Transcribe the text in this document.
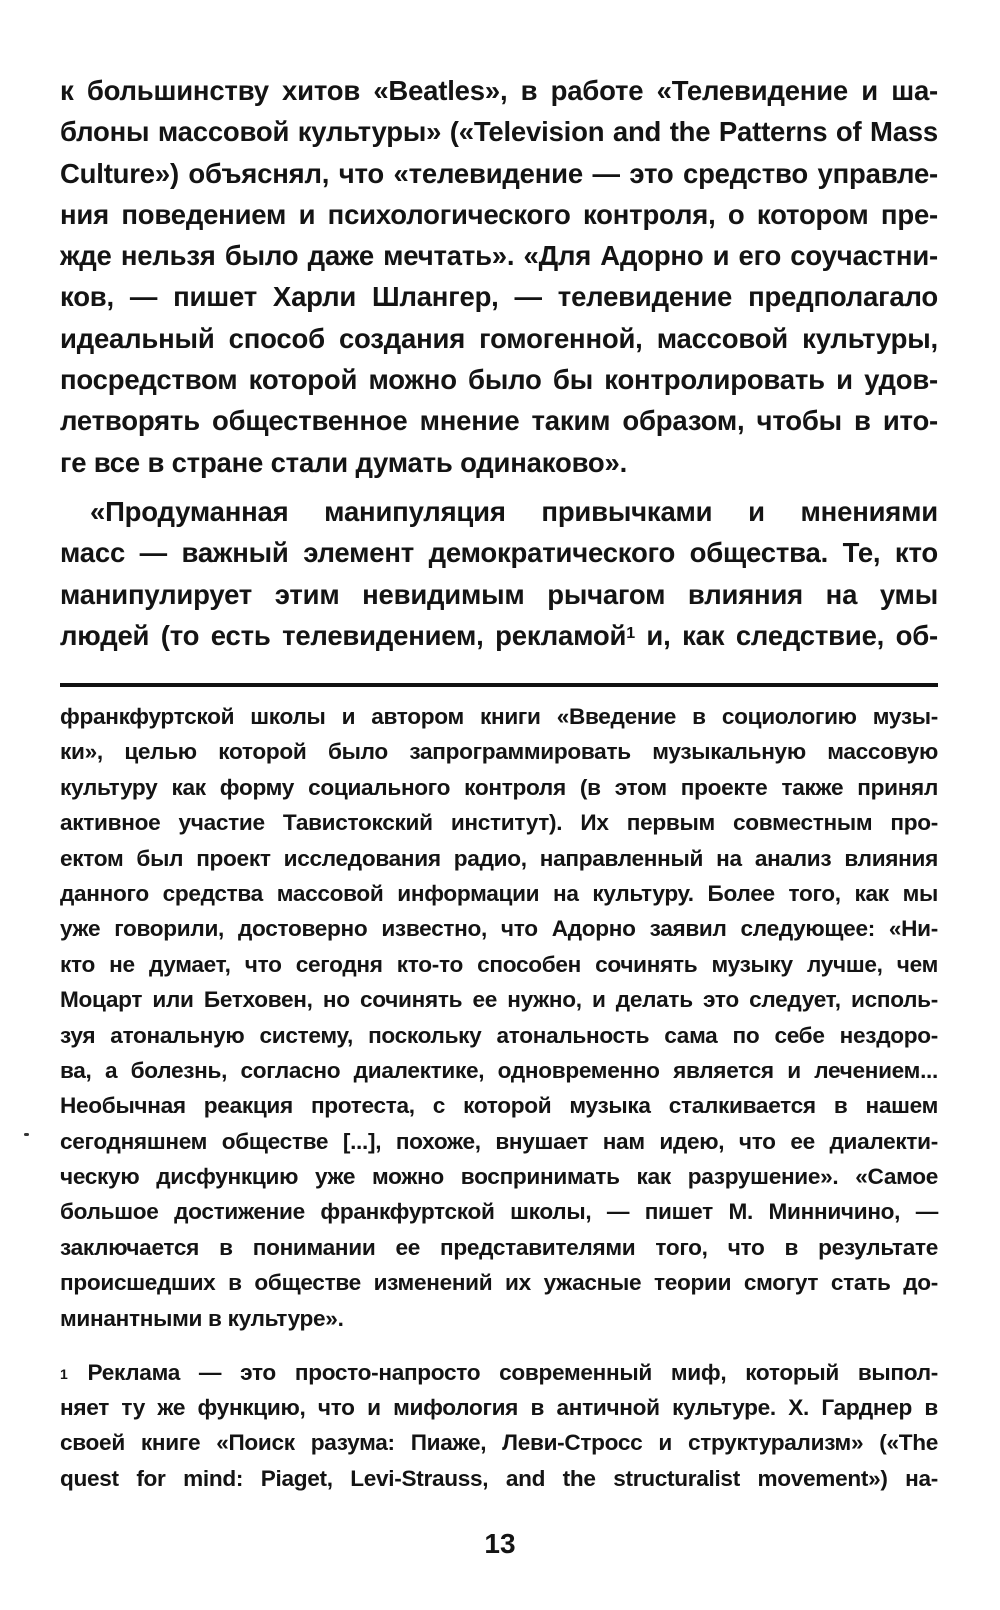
к большинству хитов «Beatles», в работе «Телевидение и ша-
блоны массовой культуры» («Television and the Patterns of Mass
Culture») объяснял, что «телевидение — это средство управле-
ния поведением и психологического контроля, о котором пре-
жде нельзя было даже мечтать». «Для Адорно и его соучастни-
ков, — пишет Харли Шлангер, — телевидение предполагало
идеальный способ создания гомогенной, массовой культуры,
посредством которой можно было бы контролировать и удов-
летворять общественное мнение таким образом, чтобы в ито-
ге все в стране стали думать одинаково».
«Продуманная манипуляция привычками и мнениями
масс — важный элемент демократического общества. Те, кто
манипулирует этим невидимым рычагом влияния на умы
людей (то есть телевидением, рекламой$^1$ и, как следствие, об-
франкфуртской школы и автором книги «Введение в социологию музы-
ки», целью которой было запрограммировать музыкальную массовую
культуру как форму социального контроля (в этом проекте также принял
активное участие Тавистокский институт). Их первым совместным про-
ектом был проект исследования радио, направленный на анализ влияния
данного средства массовой информации на культуру. Более того, как мы
уже говорили, достоверно известно, что Адорно заявил следующее: «Ни-
кто не думает, что сегодня кто-то способен сочинять музыку лучше, чем
Моцарт или Бетховен, но сочинять ее нужно, и делать это следует, исполь-
зуя атональную систему, поскольку атональность сама по себе нездоро-
ва, а болезнь, согласно диалектике, одновременно является и лечением...
Необычная реакция протеста, с которой музыка сталкивается в нашем
сегодняшнем обществе [...], похоже, внушает нам идею, что ее диалекти-
ческую дисфункцию уже можно воспринимать как разрушение». «Самое
большое достижение франкфуртской школы, — пишет М. Минничино, —
заключается в понимании ее представителями того, что в результате
происшедших в обществе изменений их ужасные теории смогут стать до-
минантными в культуре».
$^1$ Реклама — это просто-напросто современный миф, который выпол-
няет ту же функцию, что и мифология в античной культуре. Х. Гарднер в
своей книге «Поиск разума: Пиаже, Леви-Стросс и структурализм» («The
quest for mind: Piaget, Levi-Strauss, and the structuralist movement») на-
13
